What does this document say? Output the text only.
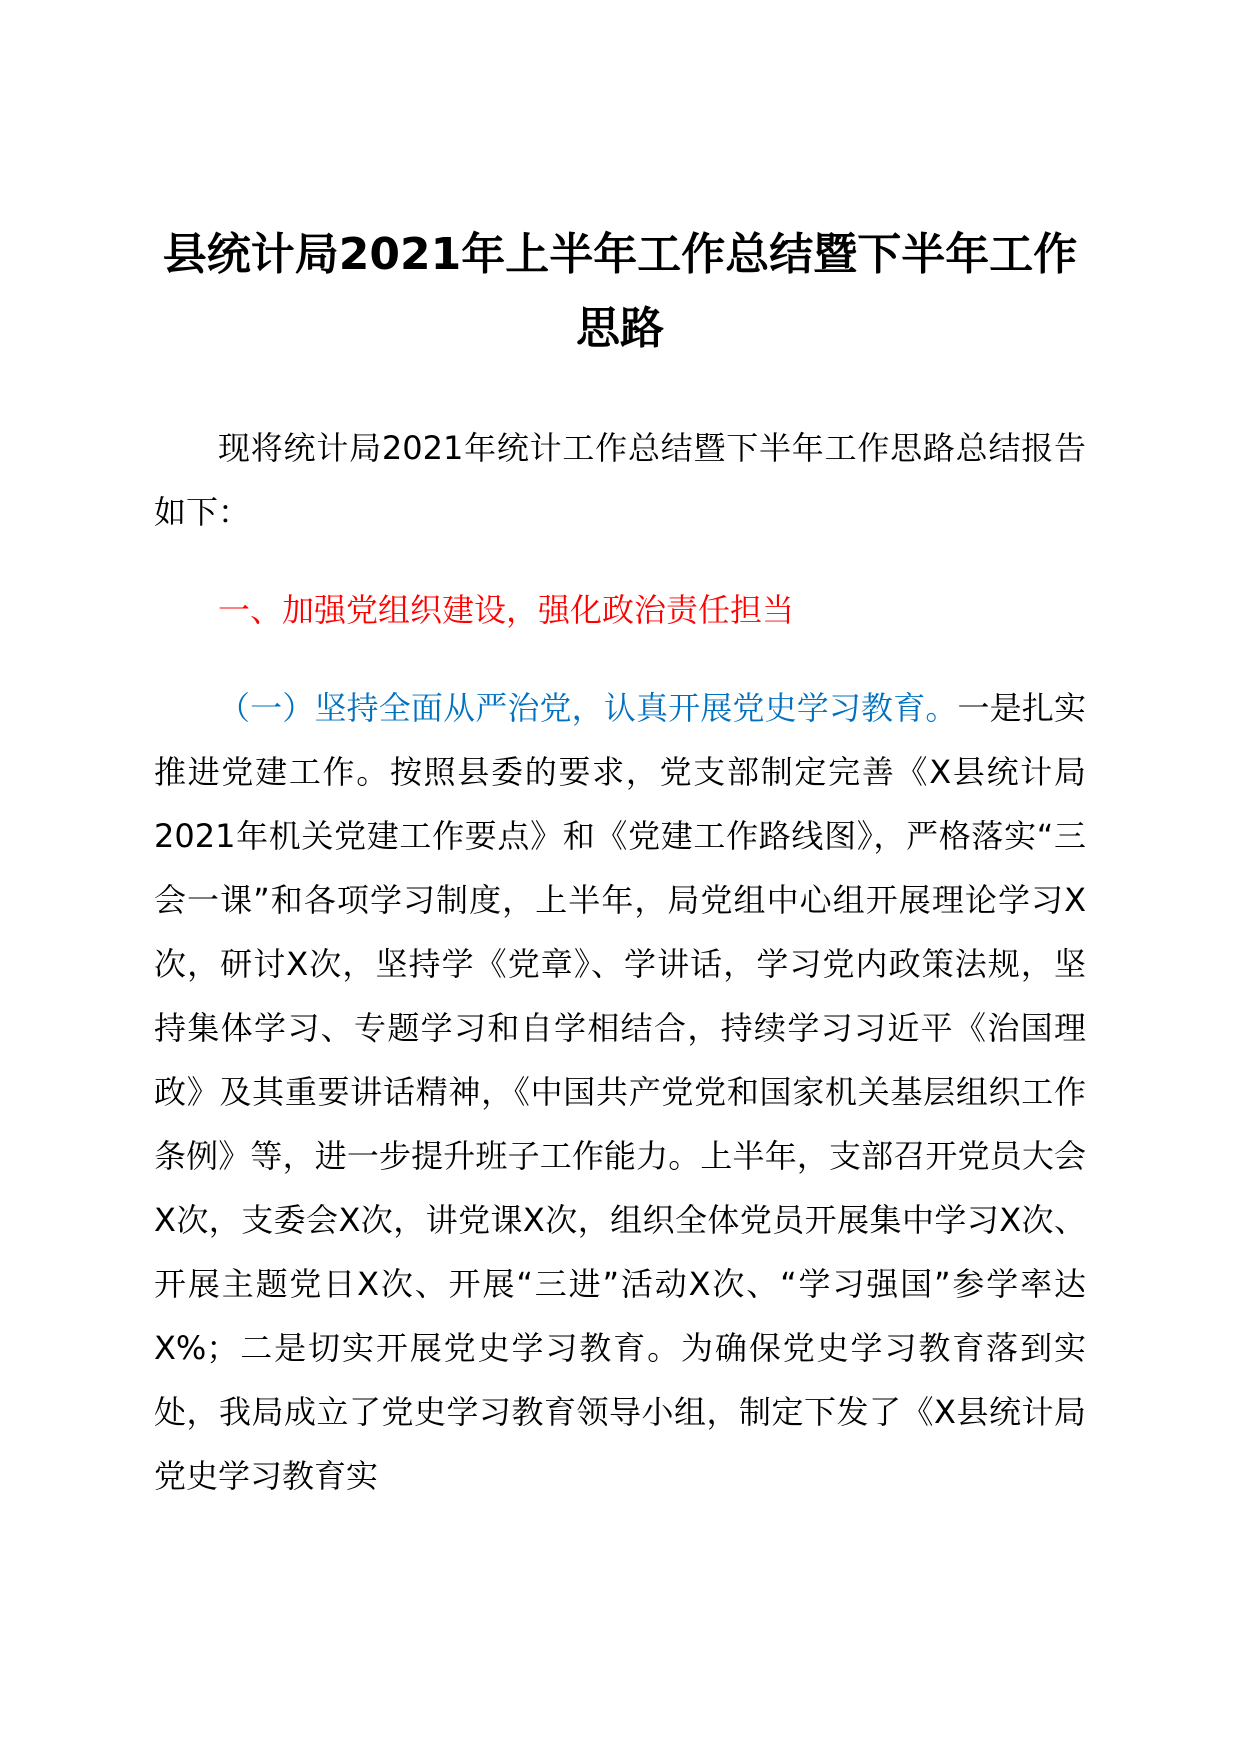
县统计局2021年上半年工作总结暨下半年工作思路

现将统计局2021年统计工作总结暨下半年工作思路总结报告如下：

一、加强党组织建设，强化政治责任担当

（一）坚持全面从严治党，认真开展党史学习教育。一是扎实推进党建工作。按照县委的要求，党支部制定完善《X县统计局2021年机关党建工作要点》和《党建工作路线图》，严格落实“三会一课”和各项学习制度，上半年，局党组中心组开展理论学习X次，研讨X次，坚持学《党章》、学讲话，学习党内政策法规，坚持集体学习、专题学习和自学相结合，持续学习习近平《治国理政》及其重要讲话精神，《中国共产党党和国家机关基层组织工作条例》等，进一步提升班子工作能力。上半年，支部召开党员大会X次，支委会X次，讲党课X次，组织全体党员开展集中学习X次、开展主题党日X次、开展“三进”活动X次、“学习强国”参学率达X%；二是切实开展党史学习教育。为确保党史学习教育落到实处，我局成立了党史学习教育领导小组，制定下发了《X县统计局党史学习教育实
